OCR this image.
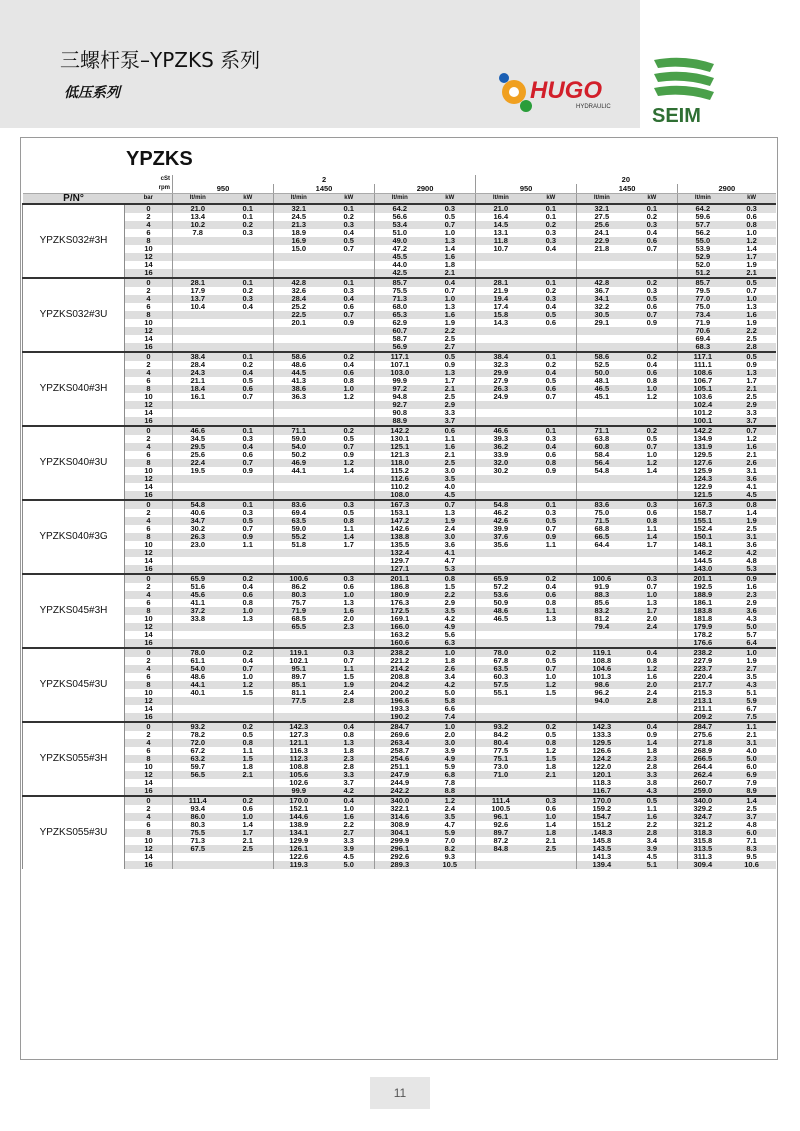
三螺杆泵–YPZKS 系列
低压系列	HUGO
HYDRAULIC SEIM
YPZKS
	cSt	2						20					
	rpm	950		1450		2900		950		1450		2900	
P/N°	bar	lt/min	kW	lt/min	kW	lt/min	kW	lt/min	kW	lt/min	kW	lt/min	kW
YPZKS032#3H	0	21.0	0.1	32.1	0.1	64.2	0.3	21.0	0.1	32.1	0.1	64.2	0.3
	2	13.4	0.1	24.5	0.2	56.6	0.5	16.4	0.1	27.5	0.2	59.6	0.6
	4	10.2	0.2	21.3	0.3	53.4	0.7	14.5	0.2	25.6	0.3	57.7	0.8
	6	7.8	0.3	18.9	0.4	51.0	1.0	13.1	0.3	24.1	0.4	56.2	1.0
	8			16.9	0.5	49.0	1.3	11.8	0.3	22.9	0.6	55.0	1.2
	10			15.0	0.7	47.2	1.4	10.7	0.4	21.8	0.7	53.9	1.4
	12					45.5	1.6					52.9	1.7
	14					44.0	1.8					52.0	1.9
	16					42.5	2.1					51.2	2.1
YPZKS032#3U	0	28.1	0.1	42.8	0.1	85.7	0.4	28.1	0.1	42.8	0.2	85.7	0.5
	2	17.9	0.2	32.6	0.3	75.5	0.7	21.9	0.2	36.7	0.3	79.5	0.7
	4	13.7	0.3	28.4	0.4	71.3	1.0	19.4	0.3	34.1	0.5	77.0	1.0
	6	10.4	0.4	25.2	0.6	68.0	1.3	17.4	0.4	32.2	0.6	75.0	1.3
	8			22.5	0.7	65.3	1.6	15.8	0.5	30.5	0.7	73.4	1.6
	10			20.1	0.9	62.9	1.9	14.3	0.6	29.1	0.9	71.9	1.9
	12					60.7	2.2					70.6	2.2
	14					58.7	2.5					69.4	2.5
	16					56.9	2.7					68.3	2.8
YPZKS040#3H	0	38.4	0.1	58.6	0.2	117.1	0.5	38.4	0.1	58.6	0.2	117.1	0.5
	2	28.4	0.2	48.6	0.4	107.1	0.9	32.3	0.2	52.5	0.4	111.1	0.9
	4	24.3	0.4	44.5	0.6	103.0	1.3	29.9	0.4	50.0	0.6	108.6	1.3
	6	21.1	0.5	41.3	0.8	99.9	1.7	27.9	0.5	48.1	0.8	106.7	1.7
	8	18.4	0.6	38.6	1.0	97.2	2.1	26.3	0.6	46.5	1.0	105.1	2.1
	10	16.1	0.7	36.3	1.2	94.8	2.5	24.9	0.7	45.1	1.2	103.6	2.5
	12					92.7	2.9					102.4	2.9
	14					90.8	3.3					101.2	3.3
	16					88.9	3.7					100.1	3.7
YPZKS040#3U	0	46.6	0.1	71.1	0.2	142.2	0.6	46.6	0.1	71.1	0.2	142.2	0.7
	2	34.5	0.3	59.0	0.5	130.1	1.1	39.3	0.3	63.8	0.5	134.9	1.2
	4	29.5	0.4	54.0	0.7	125.1	1.6	36.2	0.4	60.8	0.7	131.9	1.6
	6	25.6	0.6	50.2	0.9	121.3	2.1	33.9	0.6	58.4	1.0	129.5	2.1
	8	22.4	0.7	46.9	1.2	118.0	2.5	32.0	0.8	56.4	1.2	127.6	2.6
	10	19.5	0.9	44.1	1.4	115.2	3.0	30.2	0.9	54.8	1.4	125.9	3.1
	12					112.6	3.5					124.3	3.6
	14					110.2	4.0					122.9	4.1
	16					108.0	4.5					121.5	4.5
YPZKS040#3G	0	54.8	0.1	83.6	0.3	167.3	0.7	54.8	0.1	83.6	0.3	167.3	0.8
	2	40.6	0.3	69.4	0.5	153.1	1.3	46.2	0.3	75.0	0.6	158.7	1.4
	4	34.7	0.5	63.5	0.8	147.2	1.9	42.6	0.5	71.5	0.8	155.1	1.9
	6	30.2	0.7	59.0	1.1	142.6	2.4	39.9	0.7	68.8	1.1	152.4	2.5
	8	26.3	0.9	55.2	1.4	138.8	3.0	37.6	0.9	66.5	1.4	150.1	3.1
	10	23.0	1.1	51.8	1.7	135.5	3.6	35.6	1.1	64.4	1.7	148.1	3.6
	12					132.4	4.1					146.2	4.2
	14					129.7	4.7					144.5	4.8
	16					127.1	5.3					143.0	5.3
YPZKS045#3H	0	65.9	0.2	100.6	0.3	201.1	0.8	65.9	0.2	100.6	0.3	201.1	0.9
	2	51.6	0.4	86.2	0.6	186.8	1.5	57.2	0.4	91.9	0.7	192.5	1.6
	4	45.6	0.6	80.3	1.0	180.9	2.2	53.6	0.6	88.3	1.0	188.9	2.3
	6	41.1	0.8	75.7	1.3	176.3	2.9	50.9	0.8	85.6	1.3	186.1	2.9
	8	37.2	1.0	71.9	1.6	172.5	3.5	48.6	1.1	83.2	1.7	183.8	3.6
	10	33.8	1.3	68.5	2.0	169.1	4.2	46.5	1.3	81.2	2.0	181.8	4.3
	12			65.5	2.3	166.0	4.9			79.4	2.4	179.9	5.0
	14					163.2	5.6					178.2	5.7
	16					160.6	6.3					176.6	6.4
YPZKS045#3U	0	78.0	0.2	119.1	0.3	238.2	1.0	78.0	0.2	119.1	0.4	238.2	1.0
	2	61.1	0.4	102.1	0.7	221.2	1.8	67.8	0.5	108.8	0.8	227.9	1.9
	4	54.0	0.7	95.1	1.1	214.2	2.6	63.5	0.7	104.6	1.2	223.7	2.7
	6	48.6	1.0	89.7	1.5	208.8	3.4	60.3	1.0	101.3	1.6	220.4	3.5
	8	44.1	1.2	85.1	1.9	204.2	4.2	57.5	1.2	98.6	2.0	217.7	4.3
	10	40.1	1.5	81.1	2.4	200.2	5.0	55.1	1.5	96.2	2.4	215.3	5.1
	12			77.5	2.8	196.6	5.8			94.0	2.8	213.1	5.9
	14					193.3	6.6					211.1	6.7
	16					190.2	7.4					209.2	7.5
YPZKS055#3H	0	93.2	0.2	142.3	0.4	284.7	1.0	93.2	0.2	142.3	0.4	284.7	1.1
	2	78.2	0.5	127.3	0.8	269.6	2.0	84.2	0.5	133.3	0.9	275.6	2.1
	4	72.0	0.8	121.1	1.3	263.4	3.0	80.4	0.8	129.5	1.4	271.8	3.1
	6	67.2	1.1	116.3	1.8	258.7	3.9	77.5	1.2	126.6	1.8	268.9	4.0
	8	63.2	1.5	112.3	2.3	254.6	4.9	75.1	1.5	124.2	2.3	266.5	5.0
	10	59.7	1.8	108.8	2.8	251.1	5.9	73.0	1.8	122.0	2.8	264.4	6.0
	12	56.5	2.1	105.6	3.3	247.9	6.8	71.0	2.1	120.1	3.3	262.4	6.9
	14			102.6	3.7	244.9	7.8			118.3	3.8	260.7	7.9
	16			99.9	4.2	242.2	8.8			116.7	4.3	259.0	8.9
YPZKS055#3U	0	111.4	0.2	170.0	0.4	340.0	1.2	111.4	0.3	170.0	0.5	340.0	1.4
	2	93.4	0.6	152.1	1.0	322.1	2.4	100.5	0.6	159.2	1.1	329.2	2.5
	4	86.0	1.0	144.6	1.6	314.6	3.5	96.1	1.0	154.7	1.6	324.7	3.7
	6	80.3	1.4	138.9	2.2	308.9	4.7	92.6	1.4	151.2	2.2	321.2	4.8
	8	75.5	1.7	134.1	2.7	304.1	5.9	89.7	1.8	.148.3	2.8	318.3	6.0
	10	71.3	2.1	129.9	3.3	299.9	7.0	87.2	2.1	145.8	3.4	315.8	7.1
	12	67.5	2.5	126.1	3.9	296.1	8.2	84.8	2.5	143.5	3.9	313.5	8.3
	14			122.6	4.5	292.6	9.3			141.3	4.5	311.3	9.5
	16			119.3	5.0	289.3	10.5			139.4	5.1	309.4	10.6
11
